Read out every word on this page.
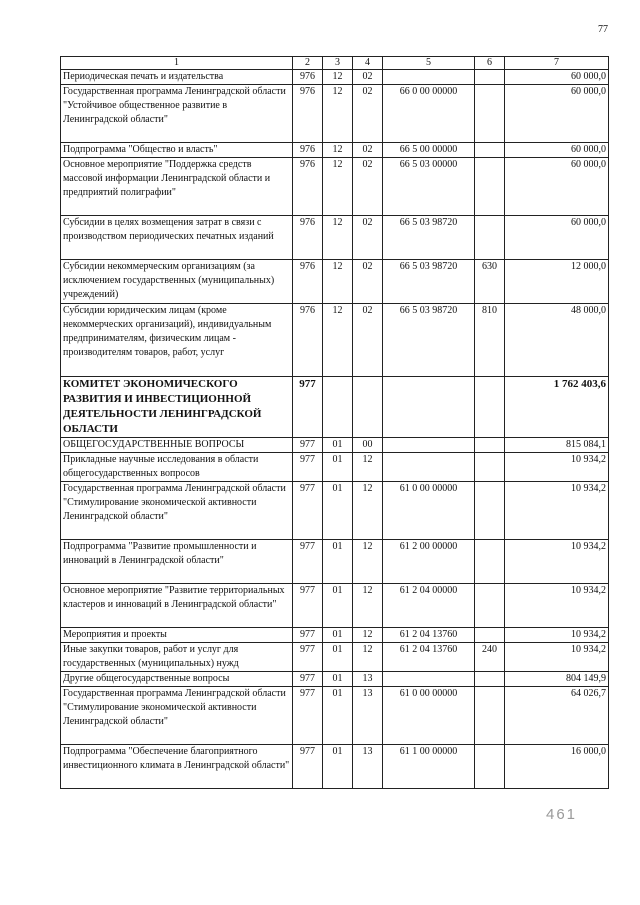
77
1	2	3	4	5	6	7
Периодическая печать и издательства	976	12	02			60 000,0
Государственная программа Ленинградской области "Устойчивое общественное развитие в Ленинградской области"	976	12	02	66 0 00 00000		60 000,0
Подпрограмма "Общество и власть"	976	12	02	66 5 00 00000		60 000,0
Основное мероприятие "Поддержка средств массовой информации Ленинградской области и предприятий полиграфии"	976	12	02	66 5 03 00000		60 000,0
Субсидии в целях возмещения затрат в связи с производством периодических печатных изданий	976	12	02	66 5 03 98720		60 000,0
Субсидии некоммерческим организациям (за исключением государственных (муниципальных) учреждений)	976	12	02	66 5 03 98720	630	12 000,0
Субсидии юридическим лицам (кроме некоммерческих организаций), индивидуальным предпринимателям, физическим лицам - производителям товаров, работ, услуг	976	12	02	66 5 03 98720	810	48 000,0
КОМИТЕТ ЭКОНОМИЧЕСКОГО РАЗВИТИЯ И ИНВЕСТИЦИОННОЙ ДЕЯТЕЛЬНОСТИ ЛЕНИНГРАДСКОЙ ОБЛАСТИ	977					1 762 403,6
ОБЩЕГОСУДАРСТВЕННЫЕ ВОПРОСЫ	977	01	00			815 084,1
Прикладные научные исследования в области общегосударственных вопросов	977	01	12			10 934,2
Государственная программа Ленинградской области "Стимулирование экономической активности Ленинградской области"	977	01	12	61 0 00 00000		10 934,2
Подпрограмма "Развитие промышленности и инноваций в Ленинградской области"	977	01	12	61 2 00 00000		10 934,2
Основное мероприятие "Развитие территориальных кластеров и инноваций в Ленинградской области"	977	01	12	61 2 04 00000		10 934,2
Мероприятия и проекты	977	01	12	61 2 04 13760		10 934,2
Иные закупки товаров, работ и услуг для государственных (муниципальных) нужд	977	01	12	61 2 04 13760	240	10 934,2
Другие общегосударственные вопросы	977	01	13			804 149,9
Государственная программа Ленинградской области "Стимулирование экономической активности Ленинградской области"	977	01	13	61 0 00 00000		64 026,7
Подпрограмма "Обеспечение благоприятного инвестиционного климата в Ленинградской области"	977	01	13	61 1 00 00000		16 000,0
461
